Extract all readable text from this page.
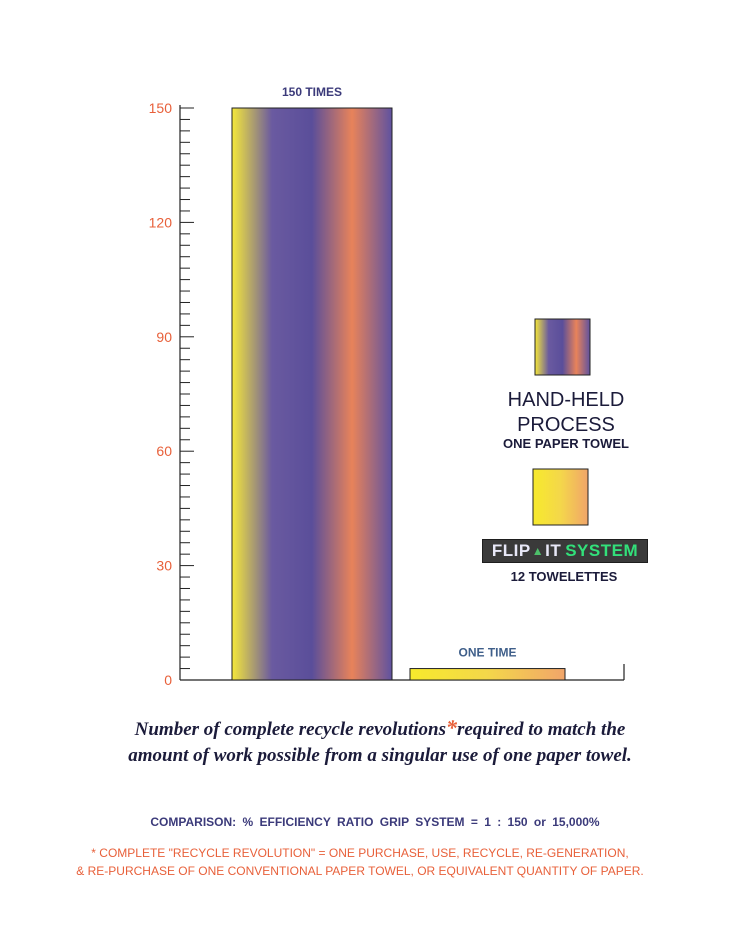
0
30
60
90
120
150
150 TIMES
ONE TIME
HAND-HELD
PROCESS
ONE PAPER TOWEL
FLIP ▲ IT SYSTEM
12 TOWELETTES
Number of complete recycle revolutions*required to match the
amount of work possible from a singular use of one paper towel.
COMPARISON: % EFFICIENCY RATIO GRIP SYSTEM = 1 : 150 or 15,000%
* COMPLETE "RECYCLE REVOLUTION" = ONE PURCHASE, USE, RECYCLE, RE-GENERATION,
& RE-PURCHASE OF ONE CONVENTIONAL PAPER TOWEL, OR EQUIVALENT QUANTITY OF PAPER.
